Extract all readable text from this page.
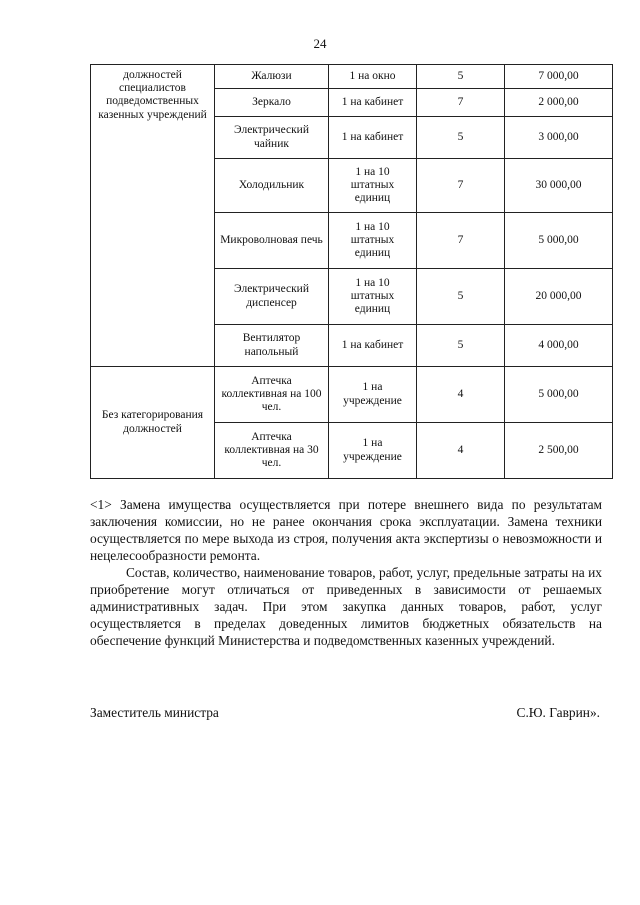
24
должностей специалистов подведомственных казенных учреждений	Жалюзи	1 на окно	5	7 000,00
	Зеркало	1 на кабинет	7	2 000,00
	Электрический чайник	1 на кабинет	5	3 000,00
	Холодильник	1 на 10 штатных единиц	7	30 000,00
	Микроволновая печь	1 на 10 штатных единиц	7	5 000,00
	Электрический диспенсер	1 на 10 штатных единиц	5	20 000,00
	Вентилятор напольный	1 на кабинет	5	4 000,00
Без категорирования должностей	Аптечка коллективная на 100 чел.	1 на учреждение	4	5 000,00
	Аптечка коллективная на 30 чел.	1 на учреждение	4	2 500,00

<1> Замена имущества осуществляется при потере внешнего вида по результатам заключения комиссии, но не ранее окончания срока эксплуатации. Замена техники осуществляется по мере выхода из строя, получения акта экспертизы о невозможности и нецелесообразности ремонта.

Состав, количество, наименование товаров, работ, услуг, предельные затраты на их приобретение могут отличаться от приведенных в зависимости от решаемых административных задач. При этом закупка данных товаров, работ, услуг осуществляется в пределах доведенных лимитов бюджетных обязательств на обеспечение функций Министерства и подведомственных казенных учреждений.

Заместитель министра	С.Ю. Гаврин».
